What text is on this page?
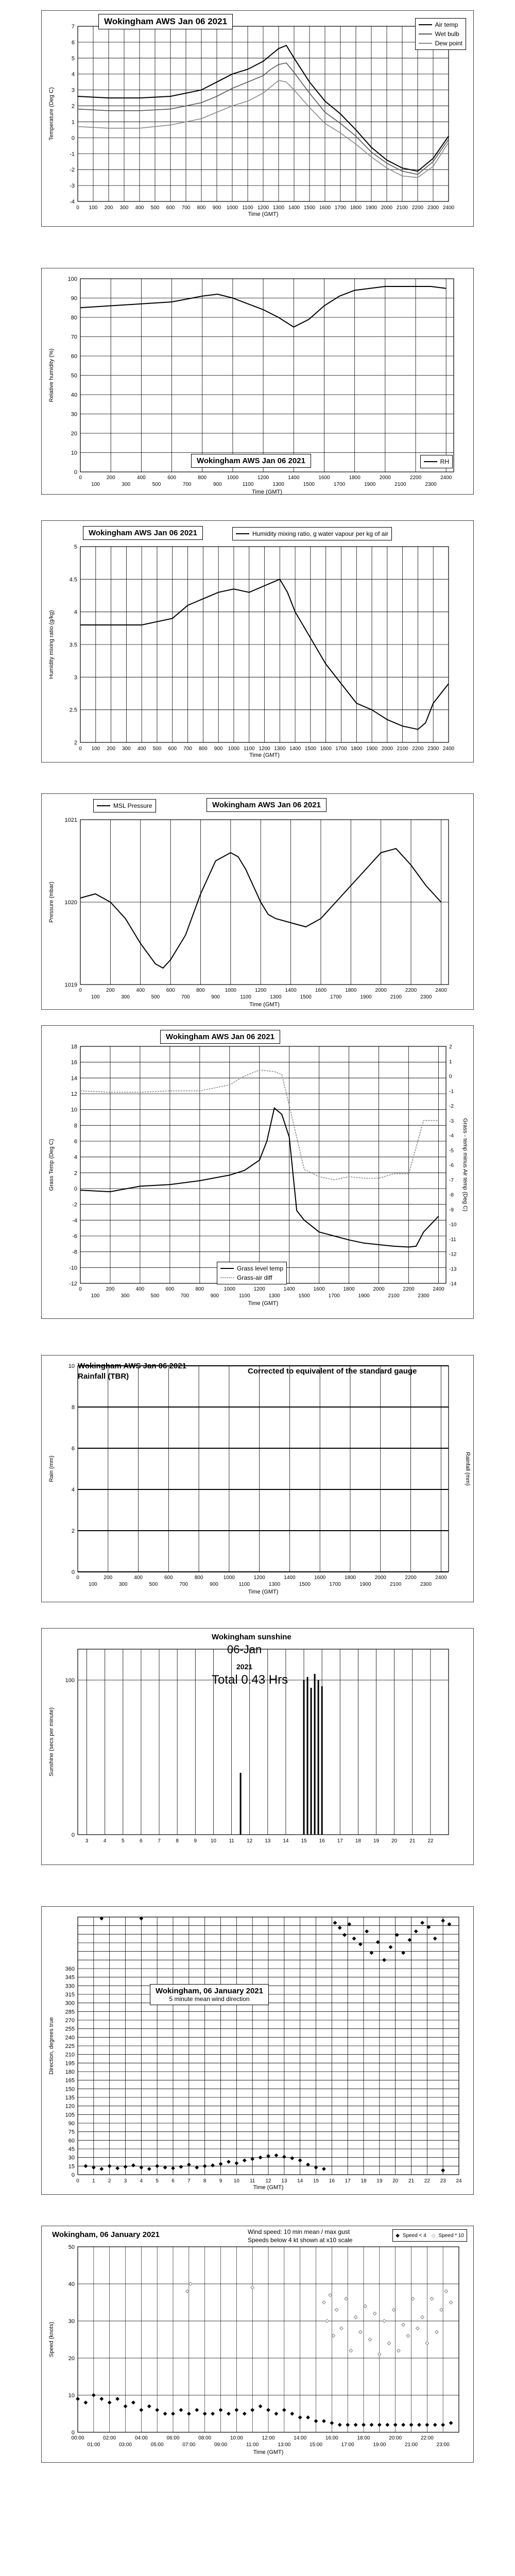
-4
-3
-2
-1
0
1
2
3
4
5
6
7
0 100 200 300 400 500 600 700 800 900 1000 1100 1200 1300 1400 1500 1600 1700 1800 1900 2000 2100 2200 2300 2400
Time (GMT)
Temperature (Deg C)
Wokingham AWS Jan 06 2021	Air temp
Wet bulb
Dew point
0
10
20
30
40
50
60
70
80
90
100
0	200	400	600	800	1000	1200	1400	1600	1800	2000	2200	2400
100	300	500	700	900	1100	1300	1500	1700	1900	2100	2300
Time (GMT)
Relative humidity (%)
Wokingham AWS Jan 06 2021	RH
2
2.5
3
3.5
4
4.5
5
0 100 200 300 400 500 600 700 800 900 1000 1100 1200 1300 1400 1500 1600 1700 1800 1900 2000 2100 2200 2300 2400
Time (GMT)
Humidity mixing ratio (g/kg)
Wokingham AWS Jan 06 2021	Humidity mixing ratio, g water vapour per kg of air
1019
1020
1021
0	200	400	600	800	1000	1200	1400	1600	1800	2000	2200	2400
100	300	500	700	900	1100	1300	1500	1700	1900	2100	2300
Time (GMT)
Pressure (mbar)
MSL Pressure	Wokingham AWS Jan 06 2021
-12
-10
-8
-6
-4
-2
0
2
4
6
8
10
12
14
16
18
-14
-13
-12
-11
-10
-9
-8
-7
-6
-5
-4
-3
-2
-1
0
1
2
0	200	400	600	800	1000	1200	1400	1600	1800	2000	2200	2400
100	300	500	700	900	1100	1300	1500	1700	1900	2100	2300
Time (GMT)
Grass Temp (Deg C)	Grass - temp minus Air temp (Deg C)
Wokingham AWS Jan 06 2021
Grass level temp
Grass-air diff
0
2
4
6
8
10
0	200	400	600	800	1000	1200	1400	1600	1800	2000	2200	2400
100	300	500	700	900	1100	1300	1500	1700	1900	2100	2300
Time (GMT)
Rain (mm)	Rainfall (mm)
Wokingham AWS Jan 06 2021
Rainfall (TBR)
Corrected to equivalent of the standard gauge
0
100
3	4	5	6	7	8	9	10 11 12 13 14 15 16 17 18 19 20 21 22
Sunshine (secs per minute)
Wokingham sunshine
06-Jan
2021
Total 0.43 Hrs
0
15
30
45
60
75
90
105
120
135
150
165
180
195
210
225
240
255
270
285
300
315
330
345
360
0	1	2	3	4	5	6	7	8	9 10 11 12 13 14 15 16 17 18 19 20 21 22 23 24
Time (GMT)
Direction, degrees true
Wokingham, 06 January 2021
5 minute mean wind direction
0
10
20
30
40
50
00:00	02:00	04:00	06:00	08:00	10:00	12:00	14:00	16:00	18:00	20:00	22:00
01:00	03:00	05:00	07:00	09:00	11:00	13:00	15:00	17:00	19:00	21:00	23:00
Time (GMT)
Speed (knots)
Wokingham, 06 January 2021	Wind speed: 10 min mean / max gust
Speeds below 4 kt shown at x10 scale
◆ Speed < 4 ◇ Speed * 10
